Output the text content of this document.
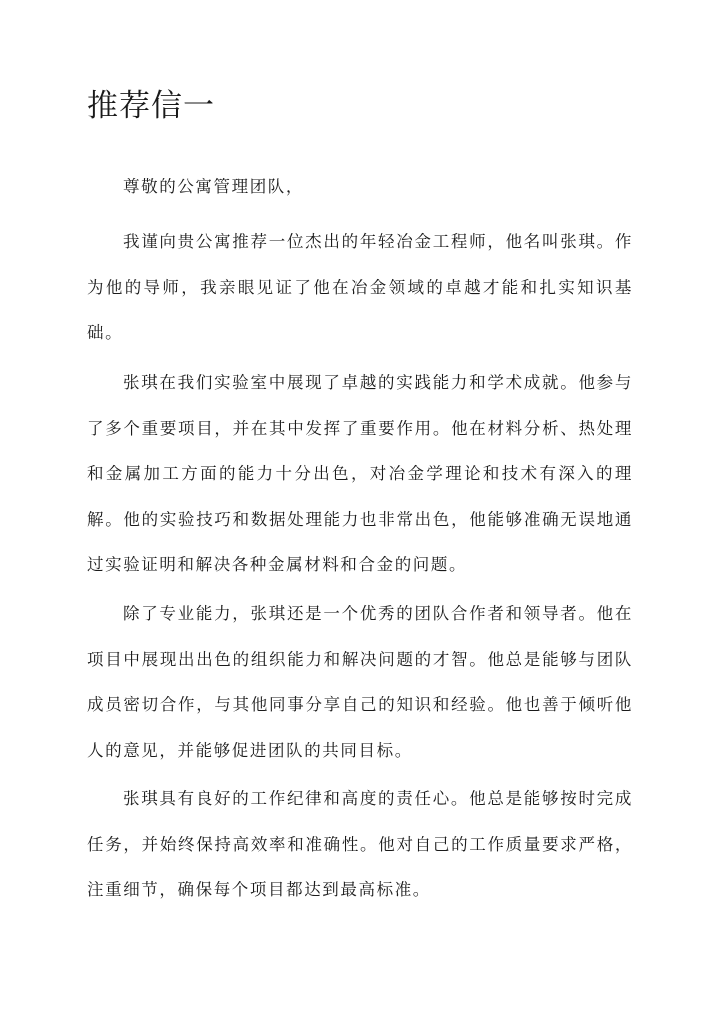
推荐信一

尊敬的公寓管理团队，

我谨向贵公寓推荐一位杰出的年轻冶金工程师，他名叫张琪。作为他的导师，我亲眼见证了他在冶金领域的卓越才能和扎实知识基础。

张琪在我们实验室中展现了卓越的实践能力和学术成就。他参与了多个重要项目，并在其中发挥了重要作用。他在材料分析、热处理和金属加工方面的能力十分出色，对冶金学理论和技术有深入的理解。他的实验技巧和数据处理能力也非常出色，他能够准确无误地通过实验证明和解决各种金属材料和合金的问题。

除了专业能力，张琪还是一个优秀的团队合作者和领导者。他在项目中展现出出色的组织能力和解决问题的才智。他总是能够与团队成员密切合作，与其他同事分享自己的知识和经验。他也善于倾听他人的意见，并能够促进团队的共同目标。

张琪具有良好的工作纪律和高度的责任心。他总是能够按时完成任务，并始终保持高效率和准确性。他对自己的工作质量要求严格，注重细节，确保每个项目都达到最高标准。
